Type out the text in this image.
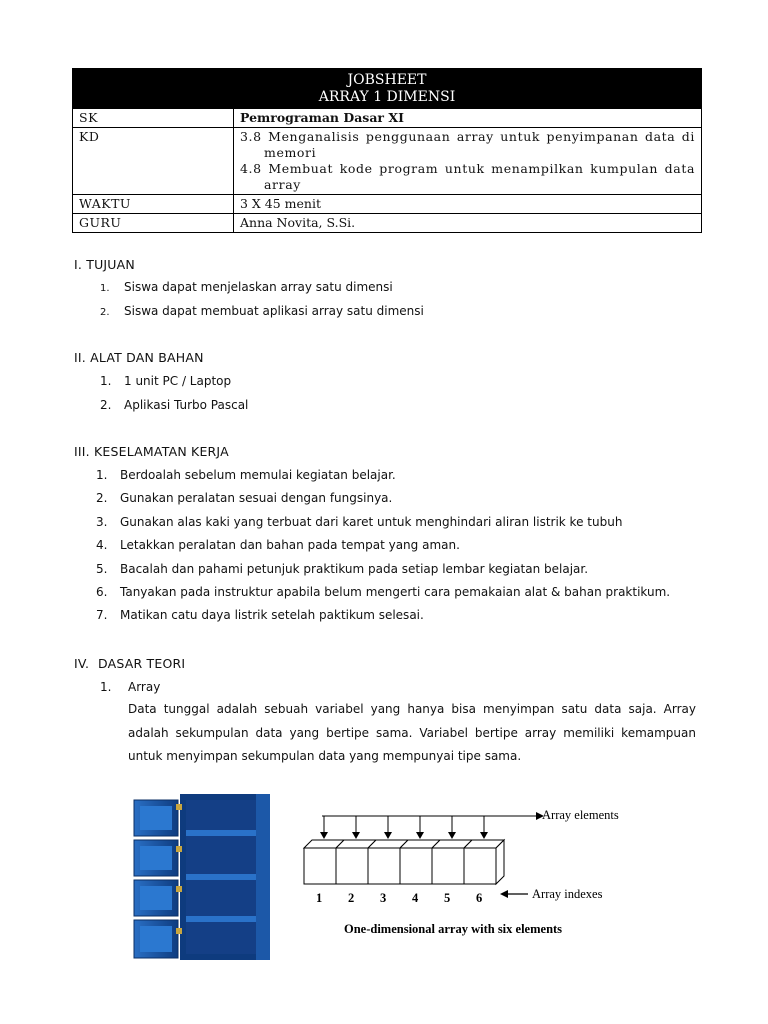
JOBSHEET
ARRAY 1 DIMENSI	

SK	Pemrograman Dasar XI
KD	3.8 Menganalisis penggunaan array untuk penyimpanan data di memori
4.8 Membuat kode program untuk menampilkan kumpulan data array

WAKTU	3 X 45 menit
GURU	Anna Novita, S.Si.
I. TUJUAN
1. Siswa dapat menjelaskan array satu dimensi
2. Siswa dapat membuat aplikasi array satu dimensi
II. ALAT DAN BAHAN
1. 1 unit PC / Laptop
2. Aplikasi Turbo Pascal
III. KESELAMATAN KERJA
1. Berdoalah sebelum memulai kegiatan belajar.
2. Gunakan peralatan sesuai dengan fungsinya.
3. Gunakan alas kaki yang terbuat dari karet untuk menghindari aliran listrik ke tubuh
4. Letakkan peralatan dan bahan pada tempat yang aman.
5. Bacalah dan pahami petunjuk praktikum pada setiap lembar kegiatan belajar.
6. Tanyakan pada instruktur apabila belum mengerti cara pemakaian alat & bahan praktikum.
7. Matikan catu daya listrik setelah paktikum selesai.
IV. DASAR TEORI
1. Array
Data tunggal adalah sebuah variabel yang hanya bisa menyimpan satu data saja. Array adalah sekumpulan data yang bertipe sama. Variabel bertipe array memiliki kemampuan untuk menyimpan sekumpulan data yang mempunyai tipe sama.
Array elements
1 2 3 4 5 6	Array indexes
One-dimensional array with six elements
